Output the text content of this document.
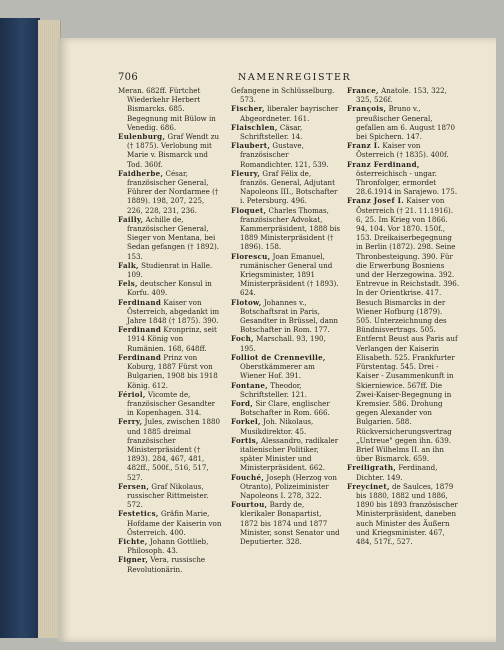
706	NAMENREGISTER

Meran. 682ff. Fürtchet Wiederkehr Herbert Bismarcks. 685. Begegnung mit Bülow in Venedig. 686.

Eulenburg, Graf Wendt zu († 1875). Verlobung mit Marie v. Bismarck und Tod. 360f.

Faidherbe, César, französischer General, Führer der Nordarmee († 1889). 198, 207, 225, 226, 228, 231, 236.

Failly, Achille de, französischer General, Sieger von Mentana, bei Sedan gefangen († 1892). 153.

Falk, Studienrat in Halle. 109.

Fels, deutscher Konsul in Korfu. 409.

Ferdinand Kaiser von Österreich, abgedankt im Jahre 1848 († 1875). 390.

Ferdinand Kronprinz, seit 1914 König von Rumänien. 168, 648ff.

Ferdinand Prinz von Koburg, 1887 Fürst von Bulgarien, 1908 bis 1918 König. 612.

Fériol, Vicomte de, französischer Gesandter in Kopenhagen. 314.

Ferry, Jules, zwischen 1880 und 1885 dreimal französischer Ministerpräsident († 1893). 284, 467, 481, 482ff., 500f., 516, 517, 527.

Fersen, Graf Nikolaus, russischer Rittmeister. 572.

Festetics, Gräfin Marie, Hofdame der Kaiserin von Österreich. 400.

Fichte, Johann Gottlieb, Philosoph. 43.

Figner, Vera, russische Revolutionärin.

Gefangene in Schlüsselburg. 573.

Fischer, liberaler bayrischer Abgeordneter. 161.

Flaischlen, Cäsar, Schriftsteller. 14.

Flaubert, Gustave, französischer Romandichter. 121, 539.

Fleury, Graf Félix de, französ. General, Adjutant Napoleons III., Botschafter i. Petersburg. 496.

Floquet, Charles Thomas, französischer Advokat, Kammerpräsident, 1888 bis 1889 Ministerpräsident († 1896). 158.

Florescu, Joan Emanuel, rumänischer General und Kriegsminister, 1891 Ministerpräsident († 1893). 624.

Flotow, Johannes v., Botschaftsrat in Paris, Gesandter in Brüssel, dann Botschafter in Rom. 177.

Foch, Marschall. 93, 190, 195.

Folliot de Crenneville, Oberstkämmerer am Wiener Hof. 391.

Fontane, Theodor, Schriftsteller. 121.

Ford, Sir Clare, englischer Botschafter in Rom. 666.

Forkel, Joh. Nikolaus, Musikdirektor. 45.

Fortis, Alessandro, radikaler italienischer Politiker, später Minister und Ministerpräsident. 662.

Fouché, Joseph (Herzog von Otranto), Polizeiminister Napoleons I. 278, 322.

Fourtou, Bardy de, klerikaler Bonapartist, 1872 bis 1874 und 1877 Minister, sonst Senator und Deputierter. 328.

France, Anatole. 153, 322, 325, 526f.

François, Bruno v., preußischer General, gefallen am 6. August 1870 bei Spichern. 147.

Franz I. Kaiser von Österreich († 1835). 400f.

Franz Ferdinand, österreichisch - ungar. Thronfolger, ermordet 28.6.1914 in Sarajewo. 175.

Franz Josef I. Kaiser von Österreich († 21. 11.1916). 6, 25. Im Krieg von 1866. 94, 104. Vor 1870. 150f., 153. Dreikaiserbegegnung in Berlin (1872). 298. Seine Thronbesteigung. 390. Für die Erwerbung Bosniens und der Herzegowina. 392. Entrevue in Reichstadt. 396. In der Orientkrise. 417. Besuch Bismarcks in der Wiener Hofburg (1879). 505. Unterzeichnung des Bündnisvertrags. 505. Entfernt Beust aus Paris auf Verlangen der Kaiserin Elisabeth. 525. Frankfurter Fürstentag. 545. Drei - Kaiser - Zusammenkunft in Skierniewice. 567ff. Die Zwei-Kaiser-Begegnung in Kremsier. 586. Drohung gegen Alexander von Bulgarien. 588. Rückversicherungsvertrag „Untreue" gegen ihn. 639. Brief Wilhelms II. an ihn über Bismarck. 659.

Freiligrath, Ferdinand, Dichter. 149.

Freycinet, de Saulces, 1879 bis 1880, 1882 und 1886, 1890 bis 1893 französischer Ministerpräsident, daneben auch Minister des Äußern und Kriegsminister. 467, 484, 517f., 527.
